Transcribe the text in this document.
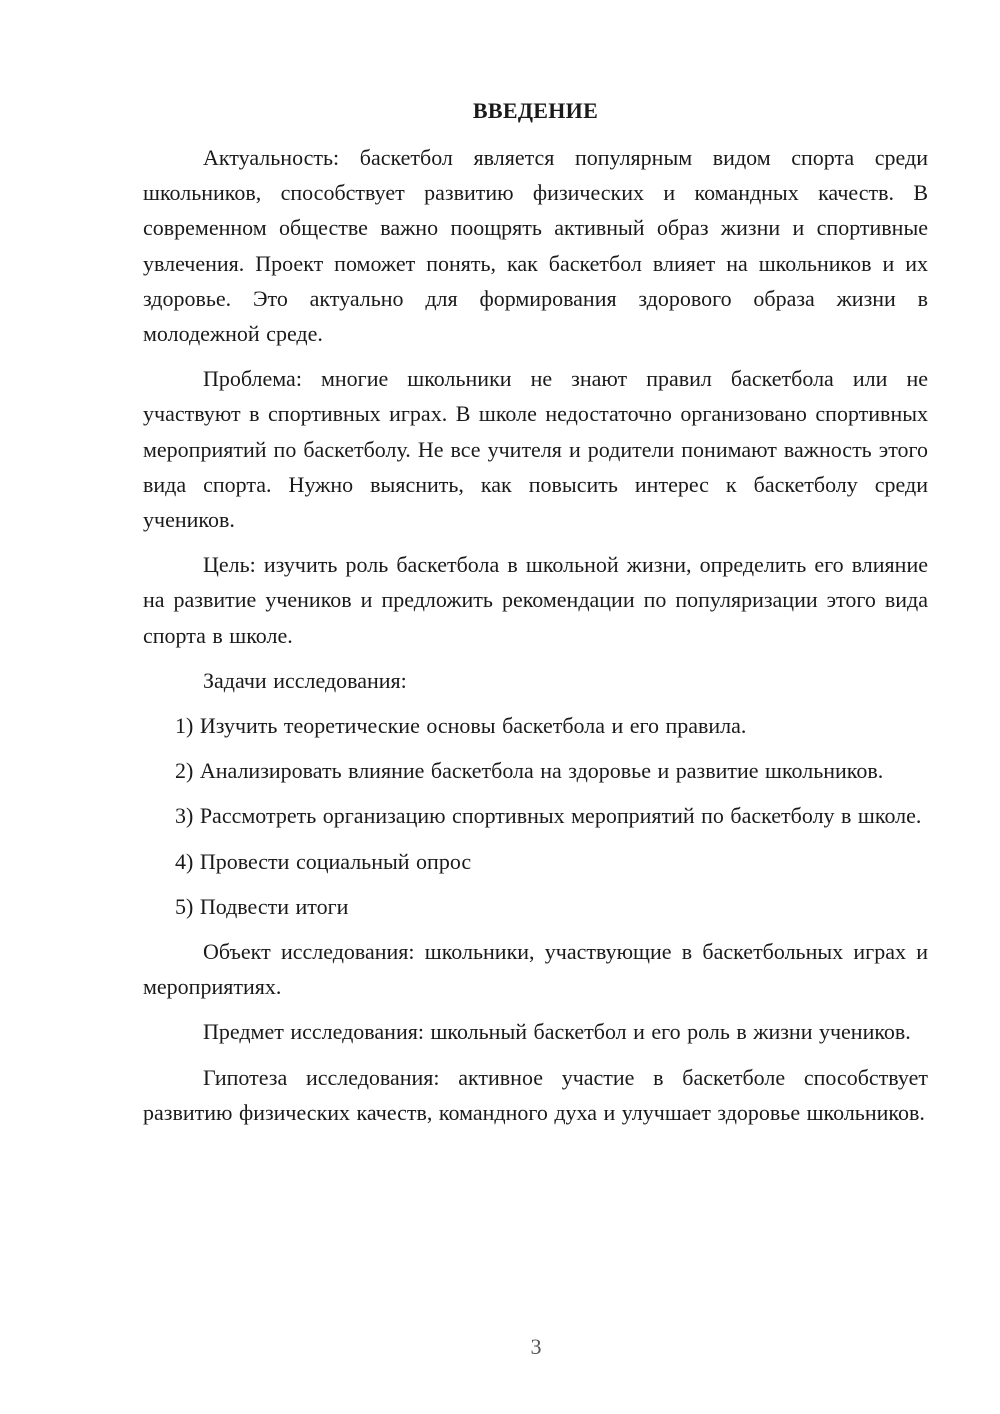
ВВЕДЕНИЕ

Актуальность: баскетбол является популярным видом спорта среди школьников, способствует развитию физических и командных качеств. В современном обществе важно поощрять активный образ жизни и спортивные увлечения. Проект поможет понять, как баскетбол влияет на школьников и их здоровье. Это актуально для формирования здорового образа жизни в молодежной среде.

Проблема: многие школьники не знают правил баскетбола или не участвуют в спортивных играх. В школе недостаточно организовано спортивных мероприятий по баскетболу. Не все учителя и родители понимают важность этого вида спорта. Нужно выяснить, как повысить интерес к баскетболу среди учеников.

Цель: изучить роль баскетбола в школьной жизни, определить его влияние на развитие учеников и предложить рекомендации по популяризации этого вида спорта в школе.

Задачи исследования:

1) Изучить теоретические основы баскетбола и его правила.

2) Анализировать влияние баскетбола на здоровье и развитие школьников.

3) Рассмотреть организацию спортивных мероприятий по баскетболу в школе.

4) Провести социальный опрос

5) Подвести итоги

Объект исследования: школьники, участвующие в баскетбольных играх и мероприятиях.

Предмет исследования: школьный баскетбол и его роль в жизни учеников.

Гипотеза исследования: активное участие в баскетболе способствует развитию физических качеств, командного духа и улучшает здоровье школьников.

3
